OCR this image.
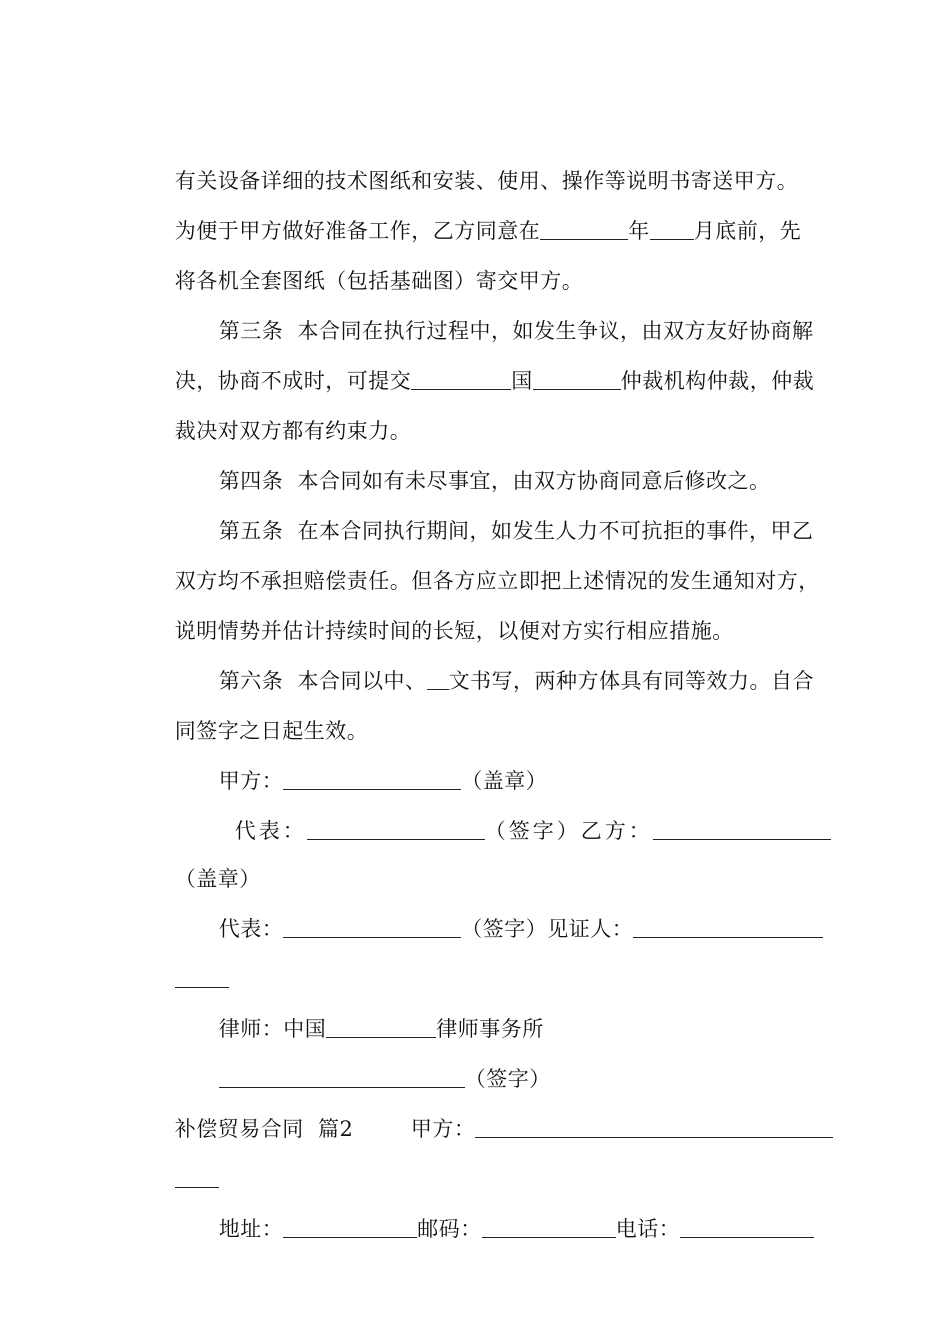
有关设备详细的技术图纸和安装、使用、操作等说明书寄送甲方。

为便于甲方做好准备工作，乙方同意在	年 月底前，先

将各机全套图纸（包括基础图）寄交甲方。

第三条  本合同在执行过程中，如发生争议，由双方友好协商解

决，协商不成时，可提交	国	仲裁机构仲裁，仲裁

裁决对双方都有约束力。

第四条  本合同如有未尽事宜，由双方协商同意后修改之。

第五条  在本合同执行期间，如发生人力不可抗拒的事件，甲乙

双方均不承担赔偿责任。但各方应立即把上述情况的发生通知对方，

说明情势并估计持续时间的长短，以便对方实行相应措施。

第六条  本合同以中、 文书写，两种方体具有同等效力。自合

同签字之日起生效。

甲方：	（盖章）

代表：	（签字）乙方：

（盖章）

代表：	（签字）见证人：

律师：中国	律师事务所

（签字）

补偿贸易合同  篇2        甲方：

地址：	邮码：	电话：
